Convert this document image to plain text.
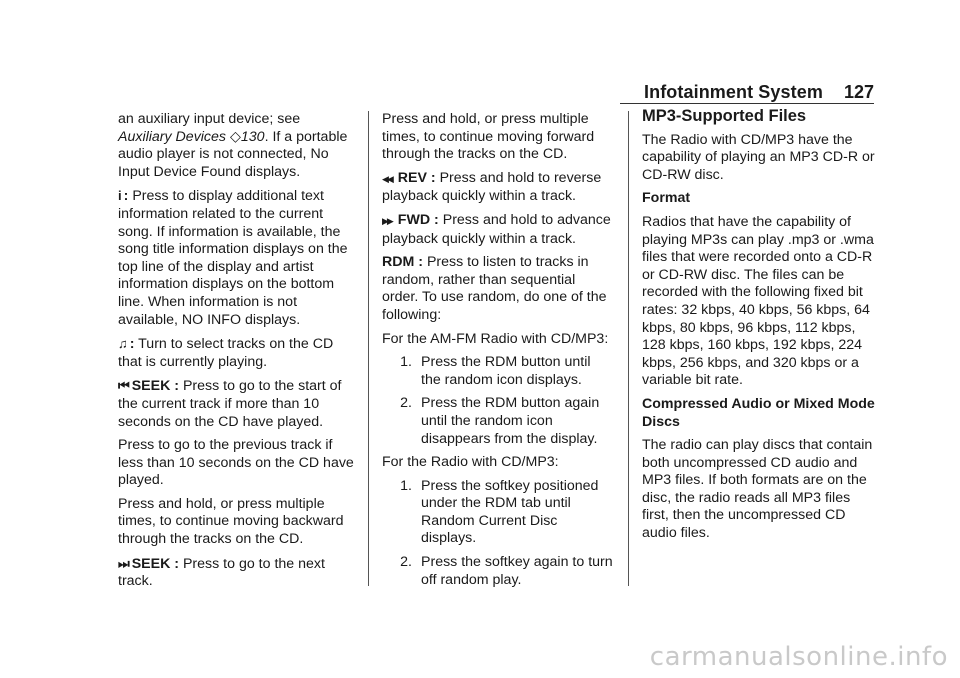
Infotainment System 127

an auxiliary input device; see Auxiliary Devices ◇130. If a portable audio player is not connected, No Input Device Found displays.

i : Press to display additional text information related to the current song. If information is available, the song title information displays on the top line of the display and artist information displays on the bottom line. When information is not available, NO INFO displays.

♫ : Turn to select tracks on the CD that is currently playing.

⏮ SEEK : Press to go to the start of the current track if more than 10 seconds on the CD have played.

Press to go to the previous track if less than 10 seconds on the CD have played.

Press and hold, or press multiple times, to continue moving backward through the tracks on the CD.

⏭ SEEK : Press to go to the next track.

Press and hold, or press multiple times, to continue moving forward through the tracks on the CD.

◀◀ REV : Press and hold to reverse playback quickly within a track.

▶▶ FWD : Press and hold to advance playback quickly within a track.

RDM : Press to listen to tracks in random, rather than sequential order. To use random, do one of the following:

For the AM-FM Radio with CD/MP3:

1. Press the RDM button until the random icon displays.
2. Press the RDM button again until the random icon disappears from the display.

For the Radio with CD/MP3:

1. Press the softkey positioned under the RDM tab until Random Current Disc displays.
2. Press the softkey again to turn off random play.
MP3-Supported Files

The Radio with CD/MP3 have the capability of playing an MP3 CD-R or CD-RW disc.

Format

Radios that have the capability of playing MP3s can play .mp3 or .wma files that were recorded onto a CD-R or CD-RW disc. The files can be recorded with the following fixed bit rates: 32 kbps, 40 kbps, 56 kbps, 64 kbps, 80 kbps, 96 kbps, 112 kbps, 128 kbps, 160 kbps, 192 kbps, 224 kbps, 256 kbps, and 320 kbps or a variable bit rate.

Compressed Audio or Mixed Mode Discs

The radio can play discs that contain both uncompressed CD audio and MP3 files. If both formats are on the disc, the radio reads all MP3 files first, then the uncompressed CD audio files.

carmanualsonline.info
